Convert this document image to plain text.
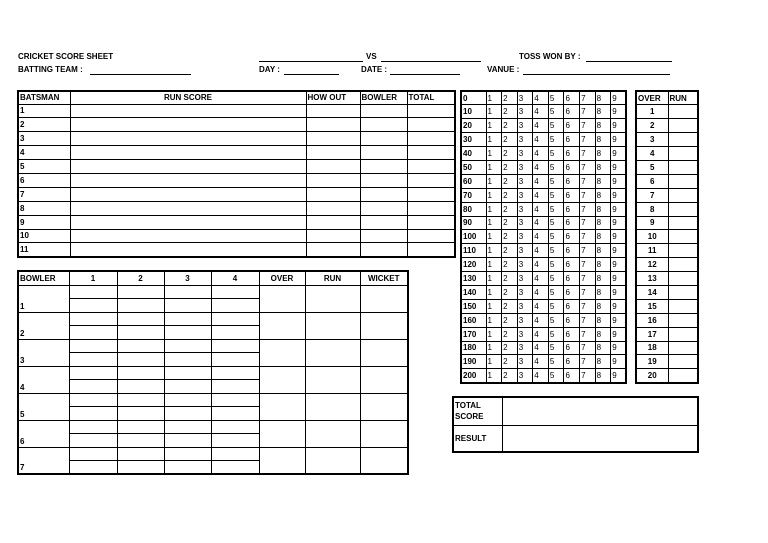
CRICKET SCORE SHEET	VS	TOSS WON BY :
BATTING TEAM :	DAY :	DATE :	VANUE :
BATSMAN	RUN SCORE	HOW OUT	BOWLER	TOTAL
1				
2				
3				
4				
5				
6				
7				
8				
9				
10				
11				
BOWLER	1	2	3	4	OVER	RUN	WICKET
1							

2							

3							

4							

5							

6							

7							

0	1	2	3	4	5	6	7	8	9
10	1	2	3	4	5	6	7	8	9
20	1	2	3	4	5	6	7	8	9
30	1	2	3	4	5	6	7	8	9
40	1	2	3	4	5	6	7	8	9
50	1	2	3	4	5	6	7	8	9
60	1	2	3	4	5	6	7	8	9
70	1	2	3	4	5	6	7	8	9
80	1	2	3	4	5	6	7	8	9
90	1	2	3	4	5	6	7	8	9
100	1	2	3	4	5	6	7	8	9
110	1	2	3	4	5	6	7	8	9
120	1	2	3	4	5	6	7	8	9
130	1	2	3	4	5	6	7	8	9
140	1	2	3	4	5	6	7	8	9
150	1	2	3	4	5	6	7	8	9
160	1	2	3	4	5	6	7	8	9
170	1	2	3	4	5	6	7	8	9
180	1	2	3	4	5	6	7	8	9
190	1	2	3	4	5	6	7	8	9
200	1	2	3	4	5	6	7	8	9
OVER	RUN
1	
2	
3	
4	
5	
6	
7	
8	
9	
10	
11	
12	
13	
14	
15	
16	
17	
18	
19	
20	
TOTAL
SCORE	

RESULT	
